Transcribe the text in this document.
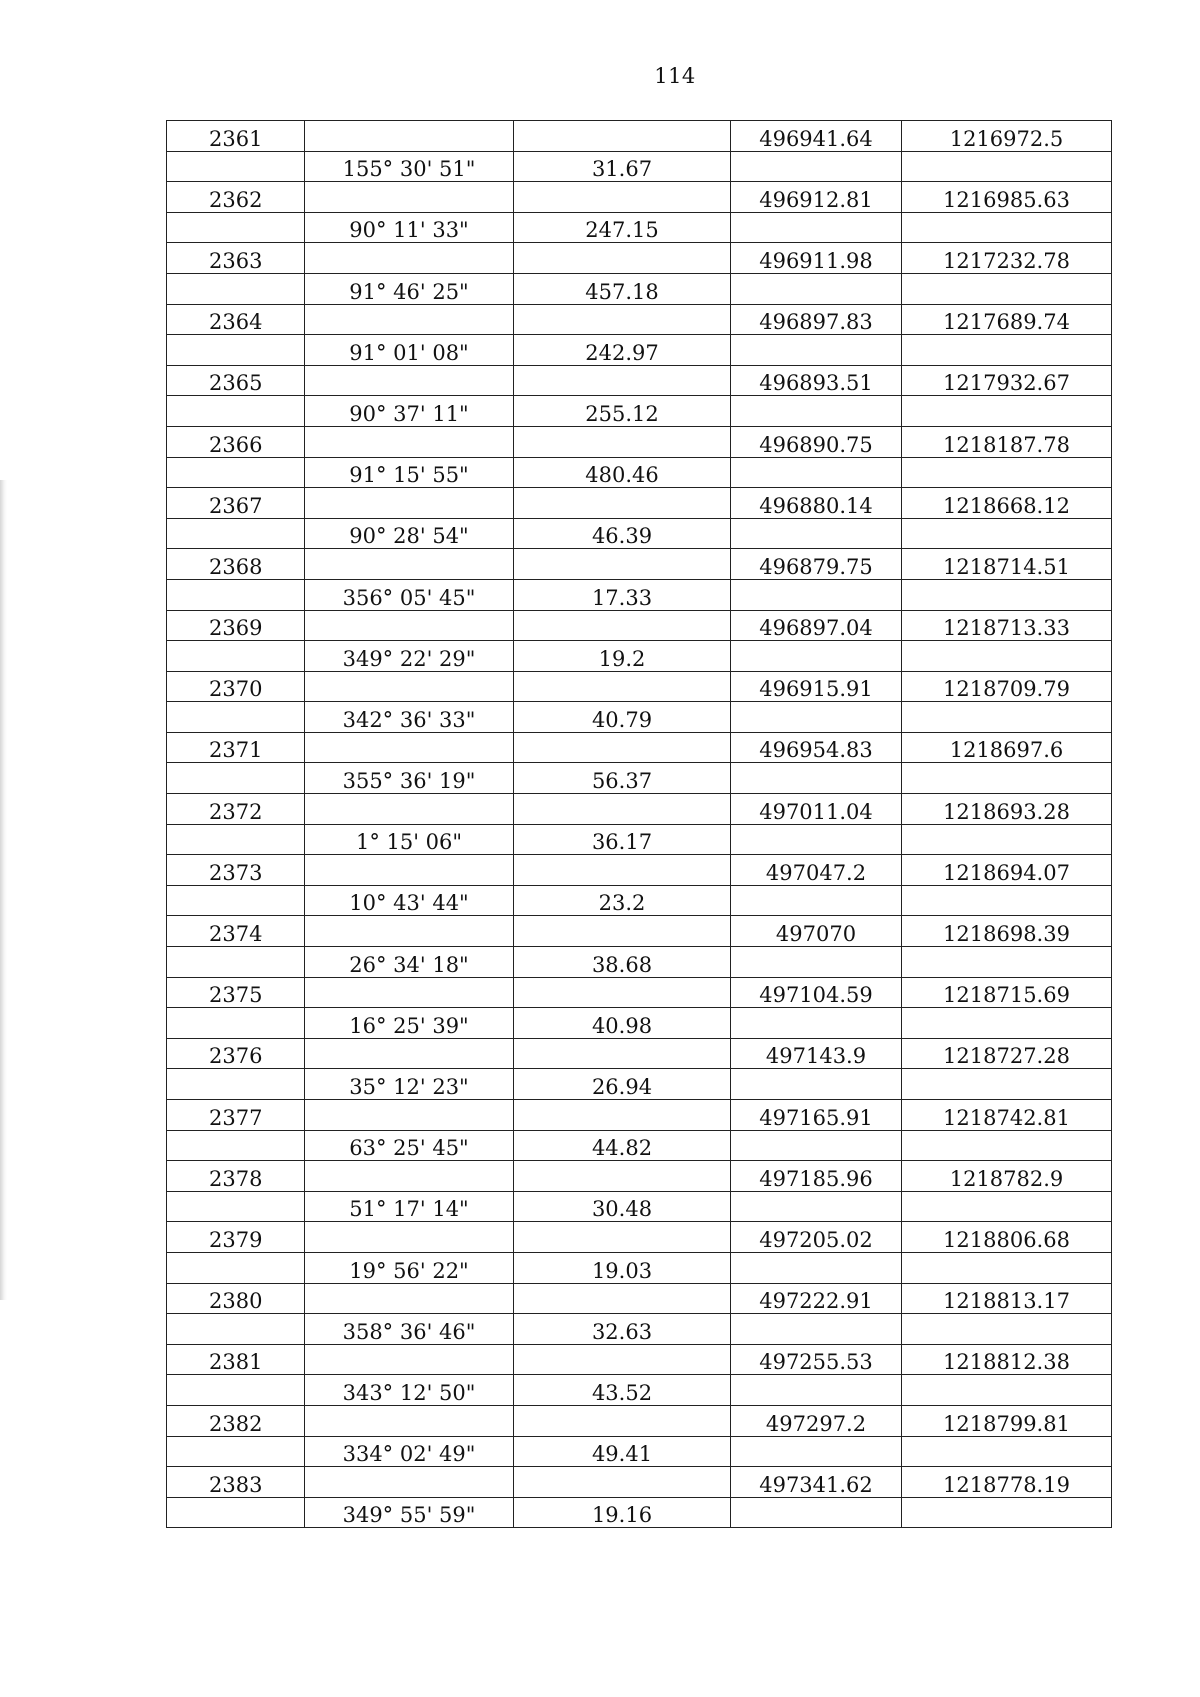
114
2361			496941.64	1216972.5
	155° 30' 51"	31.67		
2362			496912.81	1216985.63
	90° 11' 33"	247.15		
2363			496911.98	1217232.78
	91° 46' 25"	457.18		
2364			496897.83	1217689.74
	91° 01' 08"	242.97		
2365			496893.51	1217932.67
	90° 37' 11"	255.12		
2366			496890.75	1218187.78
	91° 15' 55"	480.46		
2367			496880.14	1218668.12
	90° 28' 54"	46.39		
2368			496879.75	1218714.51
	356° 05' 45"	17.33		
2369			496897.04	1218713.33
	349° 22' 29"	19.2		
2370			496915.91	1218709.79
	342° 36' 33"	40.79		
2371			496954.83	1218697.6
	355° 36' 19"	56.37		
2372			497011.04	1218693.28
	1° 15' 06"	36.17		
2373			497047.2	1218694.07
	10° 43' 44"	23.2		
2374			497070	1218698.39
	26° 34' 18"	38.68		
2375			497104.59	1218715.69
	16° 25' 39"	40.98		
2376			497143.9	1218727.28
	35° 12' 23"	26.94		
2377			497165.91	1218742.81
	63° 25' 45"	44.82		
2378			497185.96	1218782.9
	51° 17' 14"	30.48		
2379			497205.02	1218806.68
	19° 56' 22"	19.03		
2380			497222.91	1218813.17
	358° 36' 46"	32.63		
2381			497255.53	1218812.38
	343° 12' 50"	43.52		
2382			497297.2	1218799.81
	334° 02' 49"	49.41		
2383			497341.62	1218778.19
	349° 55' 59"	19.16		
